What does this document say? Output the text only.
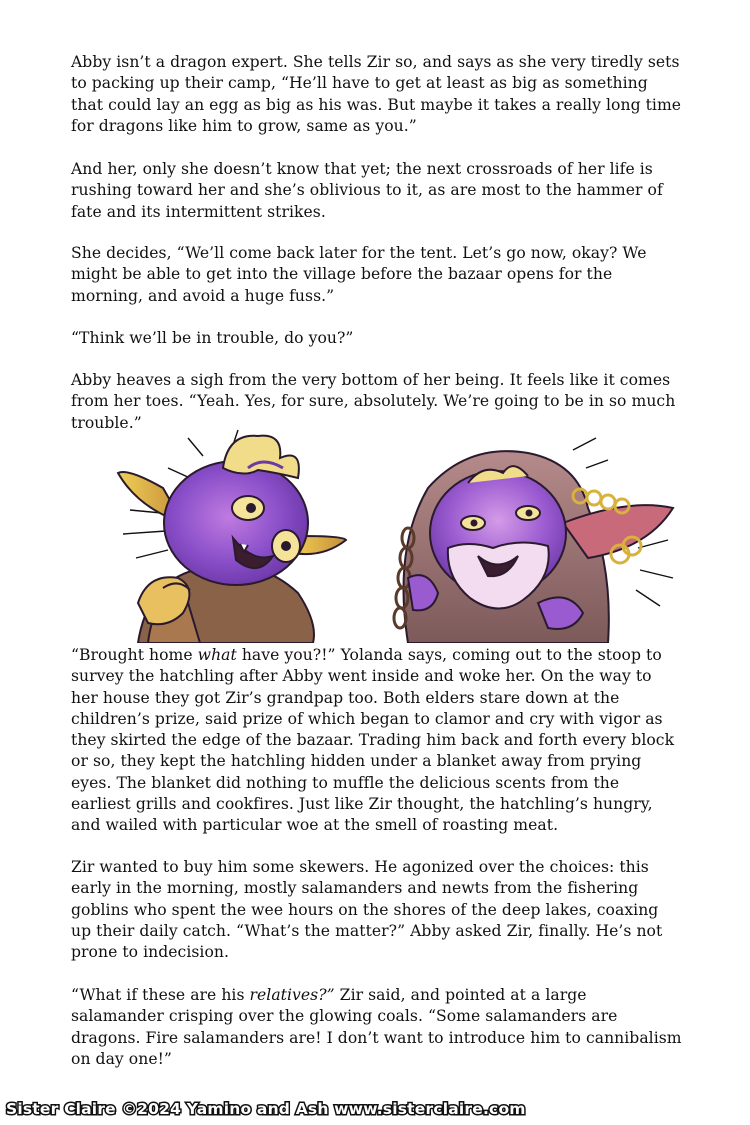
Abby isn’t a dragon expert. She tells Zir so, and says as she very tiredly sets to packing up their camp, “He’ll have to get at least as big as something that could lay an egg as big as his was. But maybe it takes a really long time for dragons like him to grow, same as you.”

And her, only she doesn’t know that yet; the next crossroads of her life is rushing toward her and she’s oblivious to it, as are most to the hammer of fate and its intermittent strikes.

She decides, “We’ll come back later for the tent. Let’s go now, okay? We might be able to get into the village before the bazaar opens for the morning, and avoid a huge fuss.”

“Think we’ll be in trouble, do you?”

Abby heaves a sigh from the very bottom of her being. It feels like it comes from her toes. “Yeah. Yes, for sure, absolutely. We’re going to be in so much trouble.”

“Brought home what have you?!” Yolanda says, coming out to the stoop to survey the hatchling after Abby went inside and woke her. On the way to her house they got Zir’s grandpap too. Both elders stare down at the children’s prize, said prize of which began to clamor and cry with vigor as they skirted the edge of the bazaar. Trading him back and forth every block or so, they kept the hatchling hidden under a blanket away from prying eyes. The blanket did nothing to muffle the delicious scents from the earliest grills and cookfires. Just like Zir thought, the hatchling’s hungry, and wailed with particular woe at the smell of roasting meat.

Zir wanted to buy him some skewers. He agonized over the choices: this early in the morning, mostly salamanders and newts from the fishering goblins who spent the wee hours on the shores of the deep lakes, coaxing up their daily catch. “What’s the matter?” Abby asked Zir, finally. He’s not prone to indecision.

“What if these are his relatives?” Zir said, and pointed at a large salamander crisping over the glowing coals. “Some salamanders are dragons. Fire salamanders are! I don’t want to introduce him to cannibalism on day one!”

Sister Claire ©2024 Yamino and Ash www.sisterclaire.com
